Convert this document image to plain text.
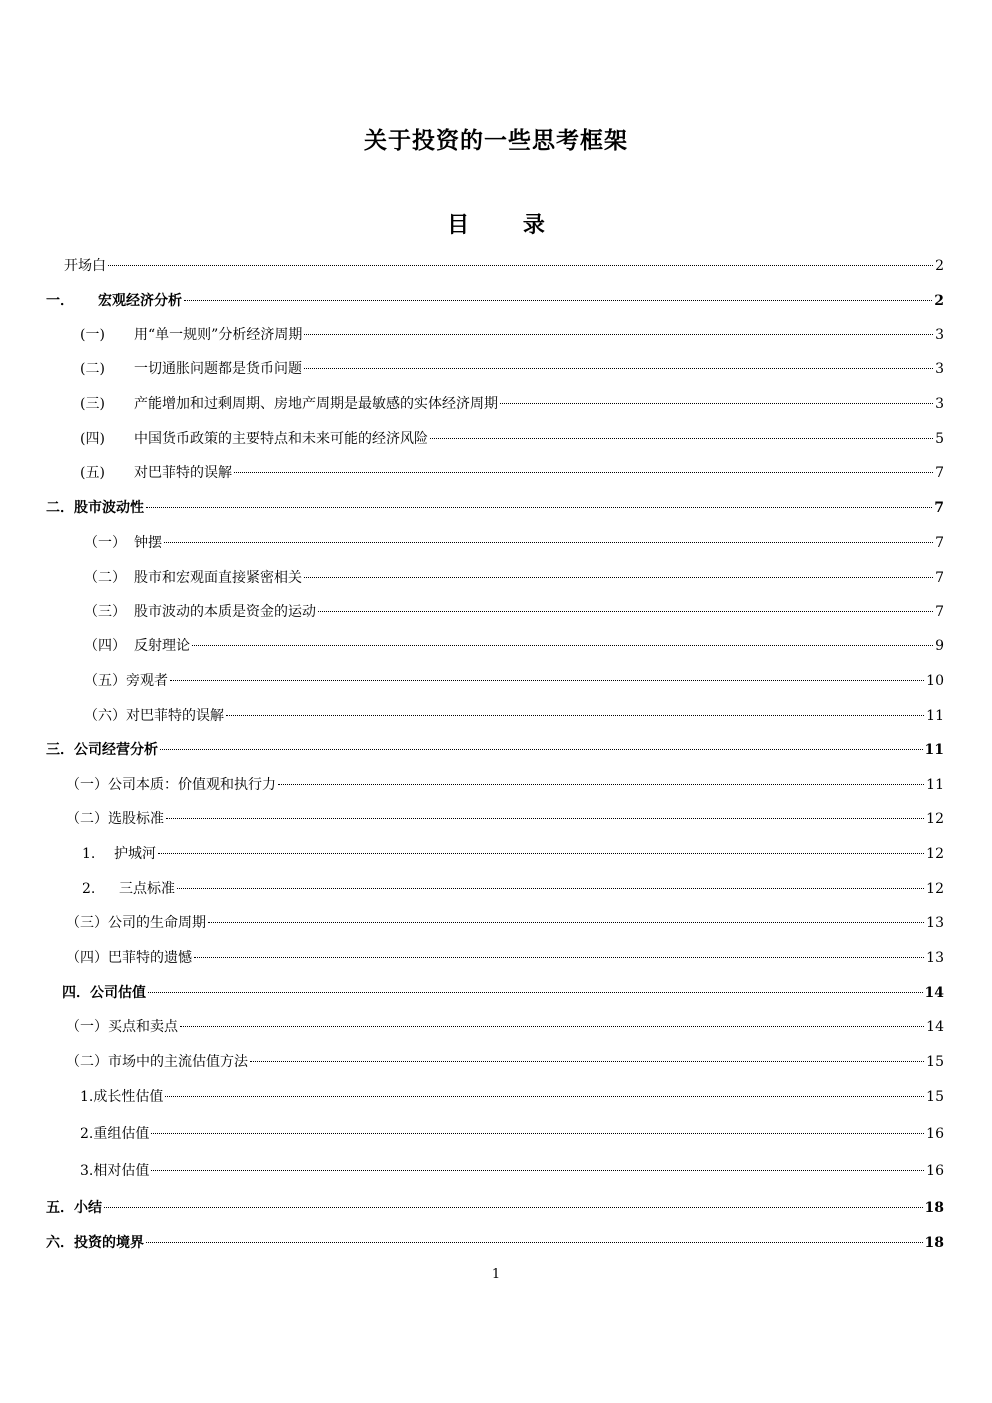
关于投资的一些思考框架
目 录
开场白	2
一．	宏观经济分析	2
(一)	用“单一规则”分析经济周期	3
(二)	一切通胀问题都是货币问题	3
(三)	产能增加和过剩周期、房地产周期是最敏感的实体经济周期	3
(四)	中国货币政策的主要特点和未来可能的经济风险	5
(五)	对巴菲特的误解	7
二．股市波动性	7
（一） 钟摆	7
（二） 股市和宏观面直接紧密相关	7
（三） 股市波动的本质是资金的运动	7
（四） 反射理论	9
（五）旁观者	10
（六）对巴菲特的误解	11
三．公司经营分析	11
（一）公司本质：价值观和执行力	11
（二）选股标准	12
1.	护城河	12
2.	三点标准	12
（三）公司的生命周期	13
（四）巴菲特的遗憾	13
四．公司估值	14
（一）买点和卖点	14
（二）市场中的主流估值方法	15
1.成长性估值	15
2.重组估值	16
3.相对估值	16
五．小结	18
六．投资的境界	18
1
